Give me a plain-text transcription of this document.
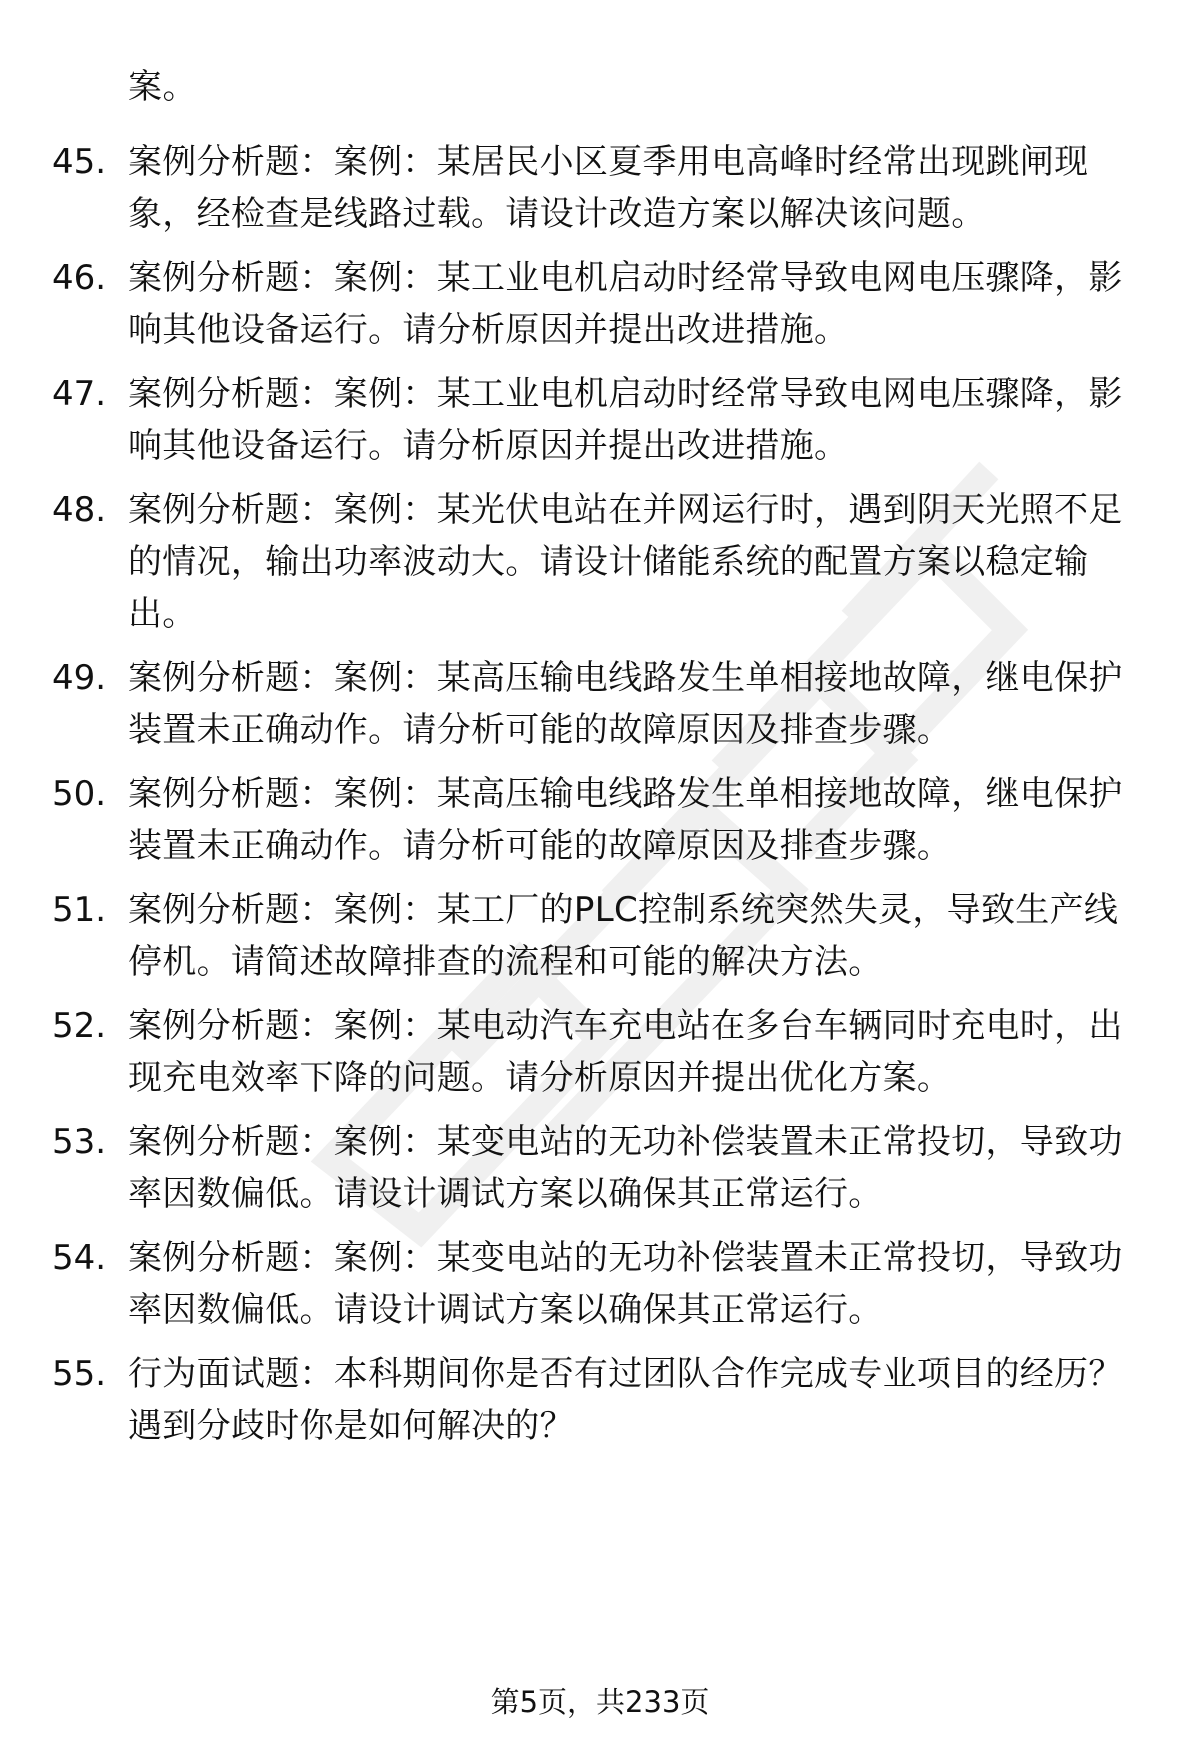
案。
45. 案例分析题：案例：某居民小区夏季用电高峰时经常出现跳闸现象，经检查是线路过载。请设计改造方案以解决该问题。
46. 案例分析题：案例：某工业电机启动时经常导致电网电压骤降，影响其他设备运行。请分析原因并提出改进措施。
47. 案例分析题：案例：某工业电机启动时经常导致电网电压骤降，影响其他设备运行。请分析原因并提出改进措施。
48. 案例分析题：案例：某光伏电站在并网运行时，遇到阴天光照不足的情况，输出功率波动大。请设计储能系统的配置方案以稳定输出。
49. 案例分析题：案例：某高压输电线路发生单相接地故障，继电保护装置未正确动作。请分析可能的故障原因及排查步骤。
50. 案例分析题：案例：某高压输电线路发生单相接地故障，继电保护装置未正确动作。请分析可能的故障原因及排查步骤。
51. 案例分析题：案例：某工厂的PLC控制系统突然失灵，导致生产线停机。请简述故障排查的流程和可能的解决方法。
52. 案例分析题：案例：某电动汽车充电站在多台车辆同时充电时，出现充电效率下降的问题。请分析原因并提出优化方案。
53. 案例分析题：案例：某变电站的无功补偿装置未正常投切，导致功率因数偏低。请设计调试方案以确保其正常运行。
54. 案例分析题：案例：某变电站的无功补偿装置未正常投切，导致功率因数偏低。请设计调试方案以确保其正常运行。
55. 行为面试题：本科期间你是否有过团队合作完成专业项目的经历？遇到分歧时你是如何解决的？
第5页，共233页
